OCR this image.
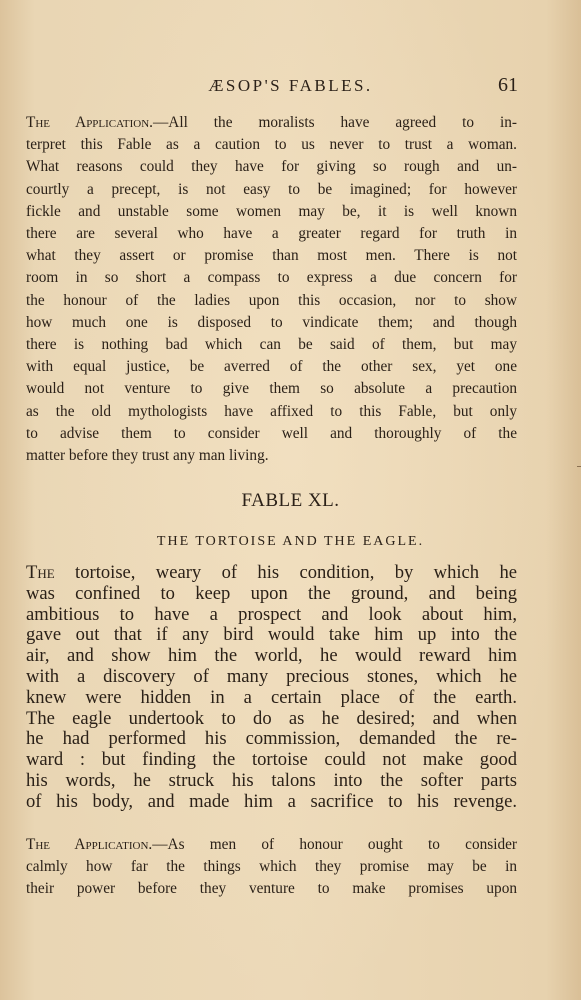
ÆSOP'S FABLES.	61
The Application.—All the moralists have agreed to in-
terpret this Fable as a caution to us never to trust a woman.
What reasons could they have for giving so rough and un-
courtly a precept, is not easy to be imagined; for however
fickle and unstable some women may be, it is well known
there are several who have a greater regard for truth in
what they assert or promise than most men. There is not
room in so short a compass to express a due concern for
the honour of the ladies upon this occasion, nor to show
how much one is disposed to vindicate them; and though
there is nothing bad which can be said of them, but may
with equal justice, be averred of the other sex, yet one
would not venture to give them so absolute a precaution
as the old mythologists have affixed to this Fable, but only
to advise them to consider well and thoroughly of the
matter before they trust any man living.
FABLE XL.
THE TORTOISE AND THE EAGLE.
The tortoise, weary of his condition, by which he
was confined to keep upon the ground, and being
ambitious to have a prospect and look about him,
gave out that if any bird would take him up into the
air, and show him the world, he would reward him
with a discovery of many precious stones, which he
knew were hidden in a certain place of the earth.
The eagle undertook to do as he desired; and when
he had performed his commission, demanded the re-
ward : but finding the tortoise could not make good
his words, he struck his talons into the softer parts
of his body, and made him a sacrifice to his revenge.
The Application.—As men of honour ought to consider
calmly how far the things which they promise may be in
their power before they venture to make promises upon
